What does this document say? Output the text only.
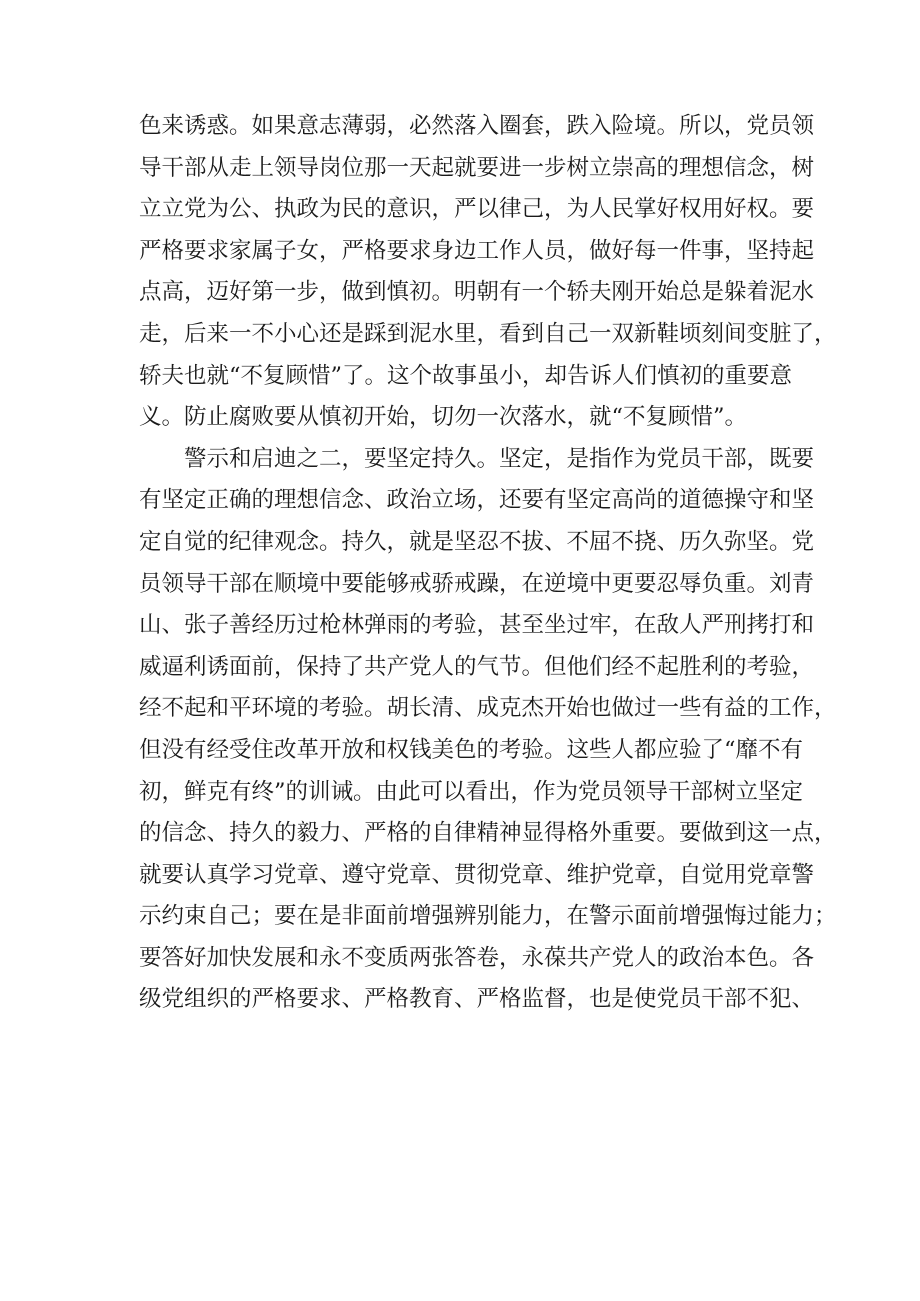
色来诱惑。如果意志薄弱，必然落入圈套，跌入险境。所以，党员领
导干部从走上领导岗位那一天起就要进一步树立崇高的理想信念，树
立立党为公、执政为民的意识，严以律己，为人民掌好权用好权。要
严格要求家属子女，严格要求身边工作人员，做好每一件事，坚持起
点高，迈好第一步，做到慎初。明朝有一个轿夫刚开始总是躲着泥水
走，后来一不小心还是踩到泥水里，看到自己一双新鞋顷刻间变脏了，
轿夫也就“不复顾惜”了。这个故事虽小，却告诉人们慎初的重要意
义。防止腐败要从慎初开始，切勿一次落水，就“不复顾惜”。
警示和启迪之二，要坚定持久。坚定，是指作为党员干部，既要
有坚定正确的理想信念、政治立场，还要有坚定高尚的道德操守和坚
定自觉的纪律观念。持久，就是坚忍不拔、不屈不挠、历久弥坚。党
员领导干部在顺境中要能够戒骄戒躁，在逆境中更要忍辱负重。刘青
山、张子善经历过枪林弹雨的考验，甚至坐过牢，在敌人严刑拷打和
威逼利诱面前，保持了共产党人的气节。但他们经不起胜利的考验，
经不起和平环境的考验。胡长清、成克杰开始也做过一些有益的工作，
但没有经受住改革开放和权钱美色的考验。这些人都应验了“靡不有
初，鲜克有终”的训诫。由此可以看出，作为党员领导干部树立坚定
的信念、持久的毅力、严格的自律精神显得格外重要。要做到这一点，
就要认真学习党章、遵守党章、贯彻党章、维护党章，自觉用党章警
示约束自己；要在是非面前增强辨别能力，在警示面前增强悔过能力；
要答好加快发展和永不变质两张答卷，永葆共产党人的政治本色。各
级党组织的严格要求、严格教育、严格监督，也是使党员干部不犯、
